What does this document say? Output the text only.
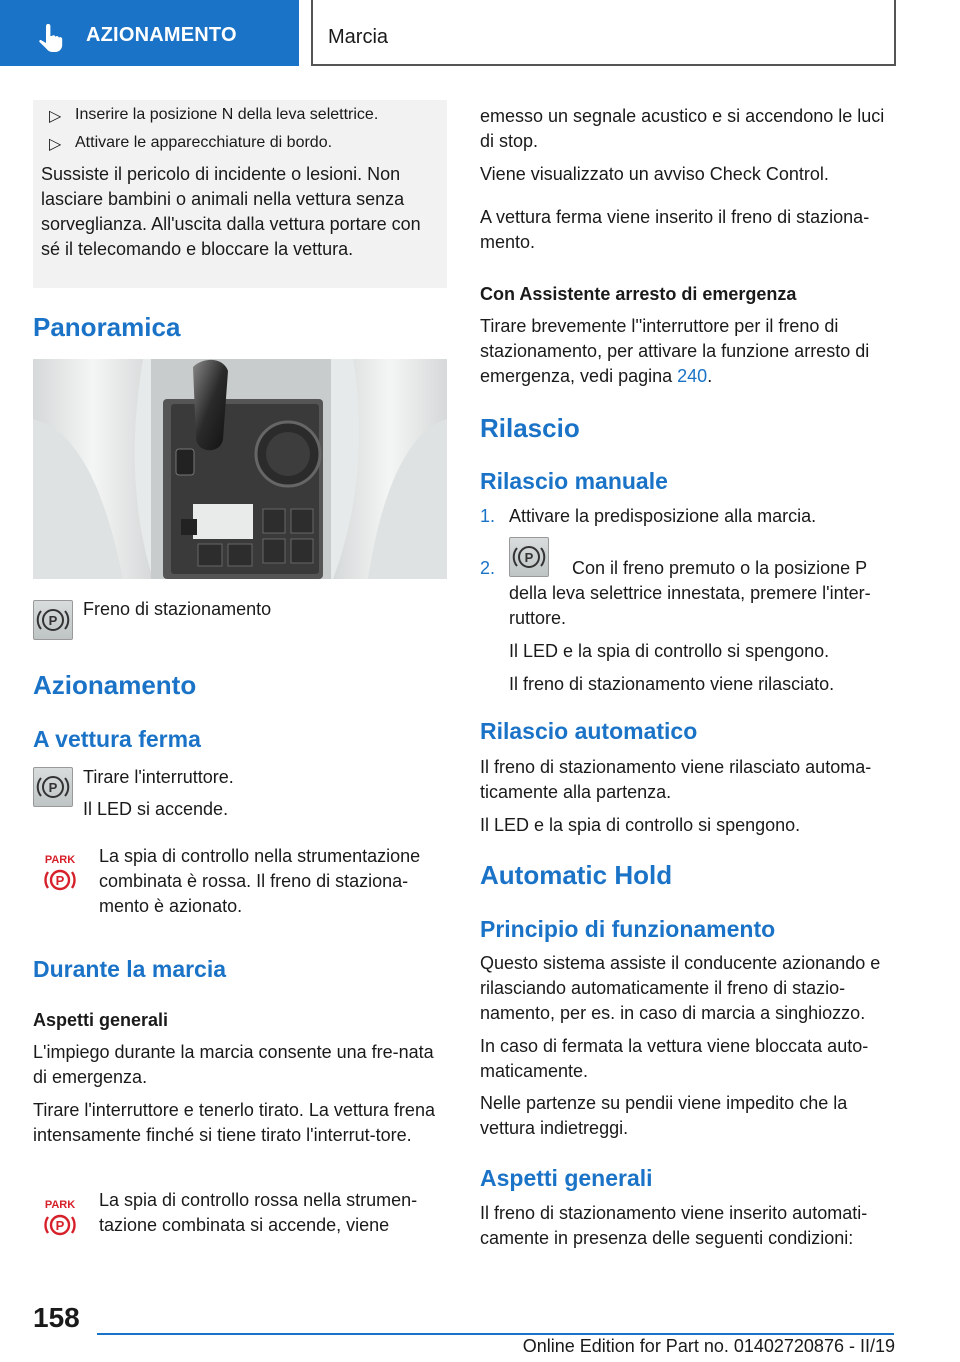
AZIONAMENTO	Marcia
▷ Inserire la posizione N della leva selettrice.
▷ Attivare le apparecchiature di bordo.

Sussiste il pericolo di incidente o lesioni. Non lasciare bambini o animali nella vettura senza sorveglianza. All'uscita dalla vettura portare con sé il telecomando e bloccare la vettura.

Panoramica
P
Freno di stazionamento
Azionamento
A vettura ferma
P
Tirare l'interruttore.
Il LED si accende.
PARK
P
La spia di controllo nella strumentazione combinata è rossa. Il freno di staziona-mento è azionato.
Durante la marcia
Aspetti generali
L'impiego durante la marcia consente una fre-nata di emergenza.
Tirare l'interruttore e tenerlo tirato. La vettura frena intensamente finché si tiene tirato l'interrut-tore.
PARK
P
La spia di controllo rossa nella strumen-tazione combinata si accende, viene
emesso un segnale acustico e si accendono le luci di stop.
Viene visualizzato un avviso Check Control.
A vettura ferma viene inserito il freno di staziona-mento.
Con Assistente arresto di emergenza
Tirare brevemente l''interruttore per il freno di stazionamento, per attivare la funzione arresto di emergenza, vedi pagina 240.
Rilascio
Rilascio manuale
1. Attivare la predisposizione alla marcia.
2.
P
Con il freno premuto o la posizione P
della leva selettrice innestata, premere l'inter-ruttore.
Il LED e la spia di controllo si spengono.
Il freno di stazionamento viene rilasciato.
Rilascio automatico
Il freno di stazionamento viene rilasciato automa-ticamente alla partenza.
Il LED e la spia di controllo si spengono.
Automatic Hold
Principio di funzionamento
Questo sistema assiste il conducente azionando e rilasciando automaticamente il freno di stazio-namento, per es. in caso di marcia a singhiozzo.
In caso di fermata la vettura viene bloccata auto-maticamente.
Nelle partenze su pendii viene impedito che la vettura indietreggi.
Aspetti generali
Il freno di stazionamento viene inserito automati-camente in presenza delle seguenti condizioni:
158
Online Edition for Part no. 01402720876 - II/19
